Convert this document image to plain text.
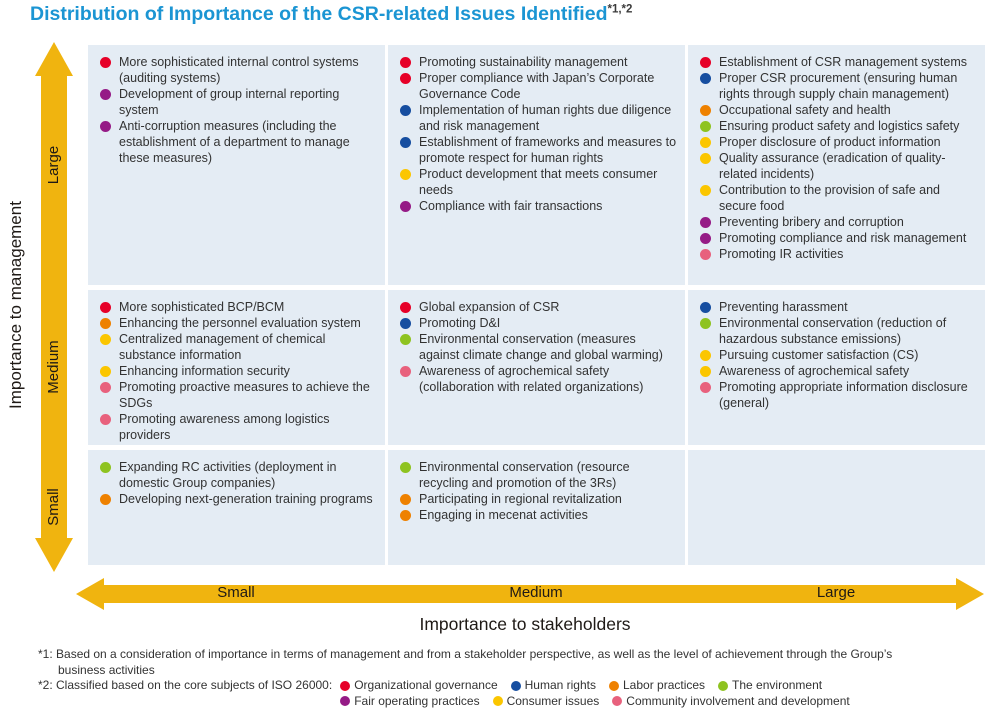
Distribution of Importance of the CSR-related Issues Identified$^{*1,*2}$
Importance to management
Large
Medium
Small
More sophisticated internal control systems (auditing systems)
Development of group internal reporting system
Anti-corruption measures (including the establishment of a department to manage these measures)
Promoting sustainability management
Proper compliance with Japan’s Corporate Governance Code
Implementation of human rights due diligence and risk management
Establishment of frameworks and measures to promote respect for human rights
Product development that meets consumer needs
Compliance with fair transactions
Establishment of CSR management systems
Proper CSR procurement (ensuring human rights through supply chain management)
Occupational safety and health
Ensuring product safety and logistics safety
Proper disclosure of product information
Quality assurance (eradication of quality-related incidents)
Contribution to the provision of safe and secure food
Preventing bribery and corruption
Promoting compliance and risk management
Promoting IR activities
More sophisticated BCP/BCM
Enhancing the personnel evaluation system
Centralized management of chemical substance information
Enhancing information security
Promoting proactive measures to achieve the SDGs
Promoting awareness among logistics providers
Global expansion of CSR
Promoting D&I
Environmental conservation (measures against climate change and global warming)
Awareness of agrochemical safety (collaboration with related organizations)
Preventing harassment
Environmental conservation (reduction of hazardous substance emissions)
Pursuing customer satisfaction (CS)
Awareness of agrochemical safety
Promoting appropriate information disclosure (general)
Expanding RC activities (deployment in domestic Group companies)
Developing next-generation training programs
Environmental conservation (resource recycling and promotion of the 3Rs)
Participating in regional revitalization
Engaging in mecenat activities
Small	Medium	Large
Importance to stakeholders
*1: Based on a consideration of importance in terms of management and from a stakeholder perspective, as well as the level of achievement through the Group’s
business activities
*2: Classified based on the core subjects of ISO 26000: Organizational governance Human rights Labor practices The environment
Fair operating practices Consumer issues Community involvement and development
